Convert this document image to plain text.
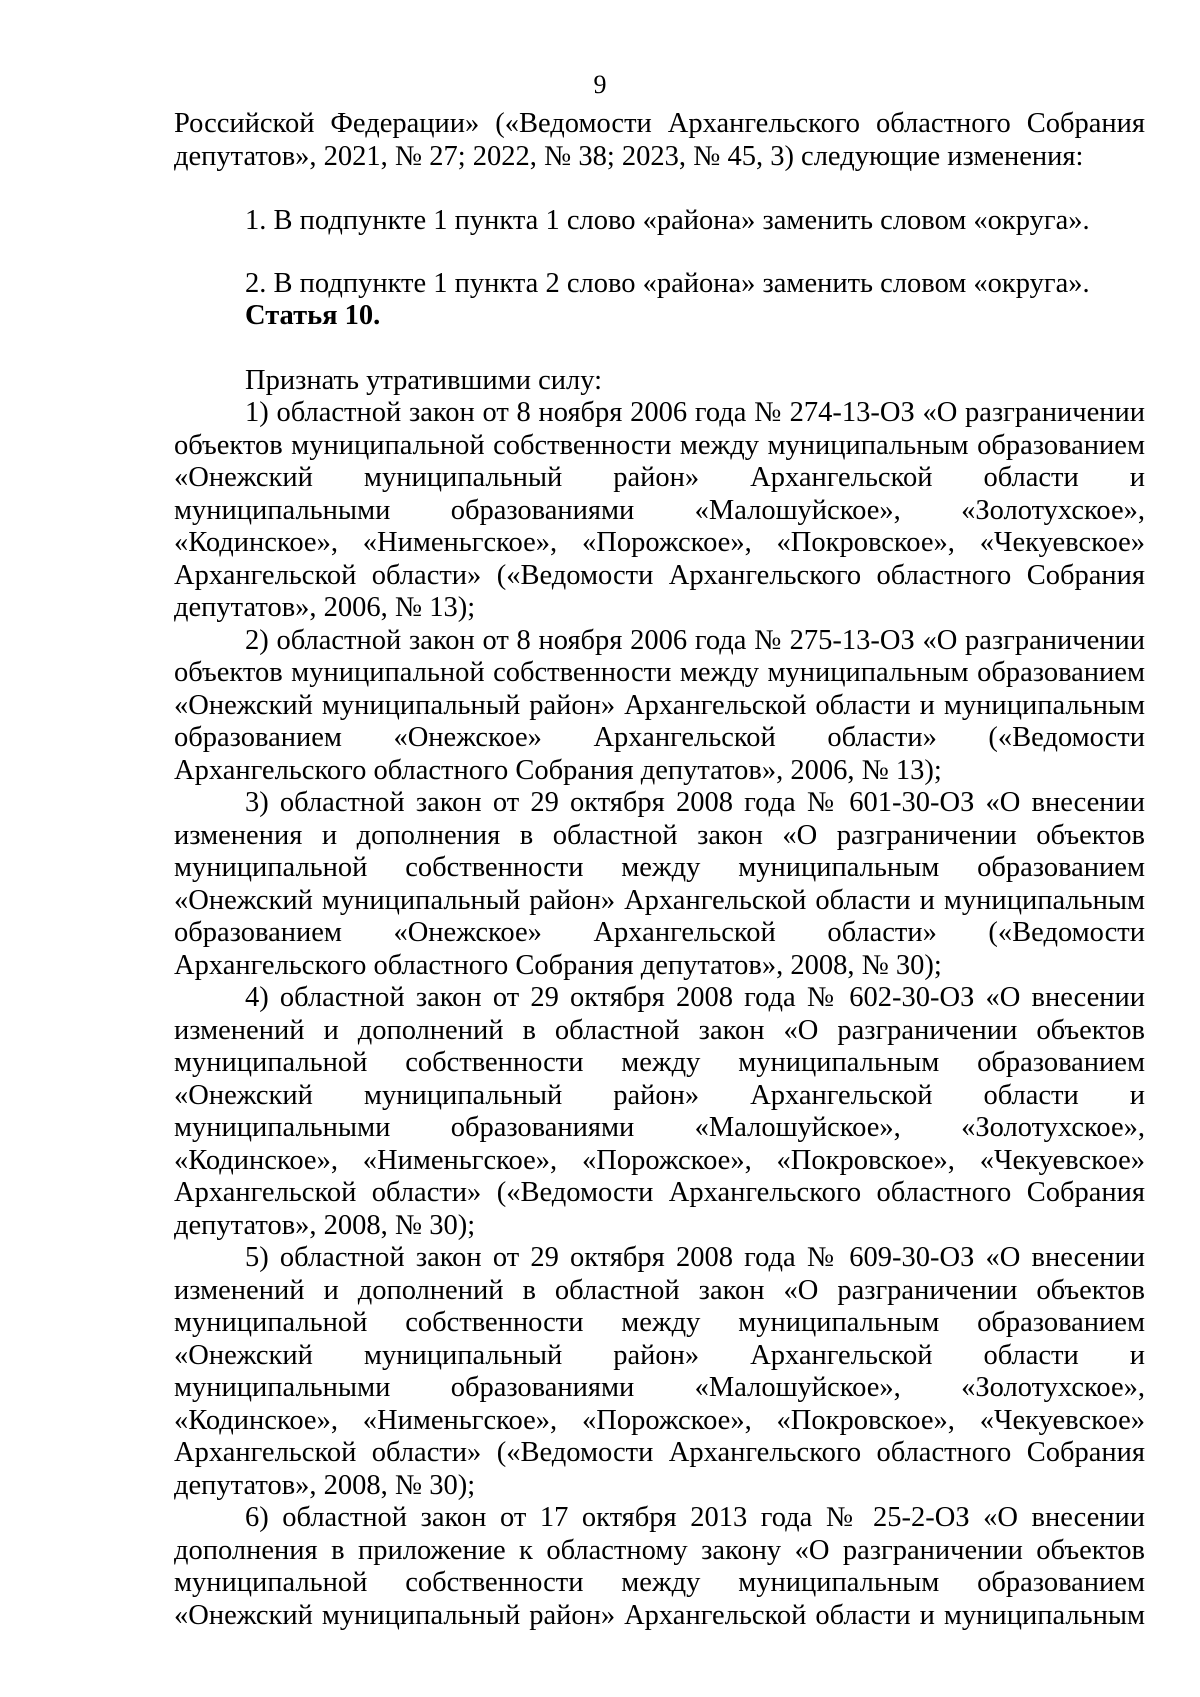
9

Российской Федерации» («Ведомости Архангельского областного Собрания депутатов», 2021, № 27; 2022, № 38; 2023, № 45, 3) следующие изменения:

1. В подпункте 1 пункта 1 слово «района» заменить словом «округа».

2. В подпункте 1 пункта 2 слово «района» заменить словом «округа».

Статья 10.

Признать утратившими силу:

1) областной закон от 8 ноября 2006 года № 274-13-ОЗ «О разграничении объектов муниципальной собственности между муниципальным образованием «Онежский муниципальный район» Архангельской области и муниципальными образованиями «Малошуйское», «Золотухское», «Кодинское», «Нименьгское», «Порожское», «Покровское», «Чекуевское» Архангельской области» («Ведомости Архангельского областного Собрания депутатов», 2006, № 13);

2) областной закон от 8 ноября 2006 года № 275-13-ОЗ «О разграничении объектов муниципальной собственности между муниципальным образованием «Онежский муниципальный район» Архангельской области и муниципальным образованием «Онежское» Архангельской области» («Ведомости Архангельского областного Собрания депутатов», 2006, № 13);

3) областной закон от 29 октября 2008 года № 601-30-ОЗ «О внесении изменения и дополнения в областной закон «О разграничении объектов муниципальной собственности между муниципальным образованием «Онежский муниципальный район» Архангельской области и муниципальным образованием «Онежское» Архангельской области» («Ведомости Архангельского областного Собрания депутатов», 2008, № 30);

4) областной закон от 29 октября 2008 года № 602-30-ОЗ «О внесении изменений и дополнений в областной закон «О разграничении объектов муниципальной собственности между муниципальным образованием «Онежский муниципальный район» Архангельской области и муниципальными образованиями «Малошуйское», «Золотухское», «Кодинское», «Нименьгское», «Порожское», «Покровское», «Чекуевское» Архангельской области» («Ведомости Архангельского областного Собрания депутатов», 2008, № 30);

5) областной закон от 29 октября 2008 года № 609-30-ОЗ «О внесении изменений и дополнений в областной закон «О разграничении объектов муниципальной собственности между муниципальным образованием «Онежский муниципальный район» Архангельской области и муниципальными образованиями «Малошуйское», «Золотухское», «Кодинское», «Нименьгское», «Порожское», «Покровское», «Чекуевское» Архангельской области» («Ведомости Архангельского областного Собрания депутатов», 2008, № 30);

6) областной закон от 17 октября 2013 года № 25-2-ОЗ «О внесении дополнения в приложение к областному закону «О разграничении объектов муниципальной собственности между муниципальным образованием «Онежский муниципальный район» Архангельской области и муниципальным
